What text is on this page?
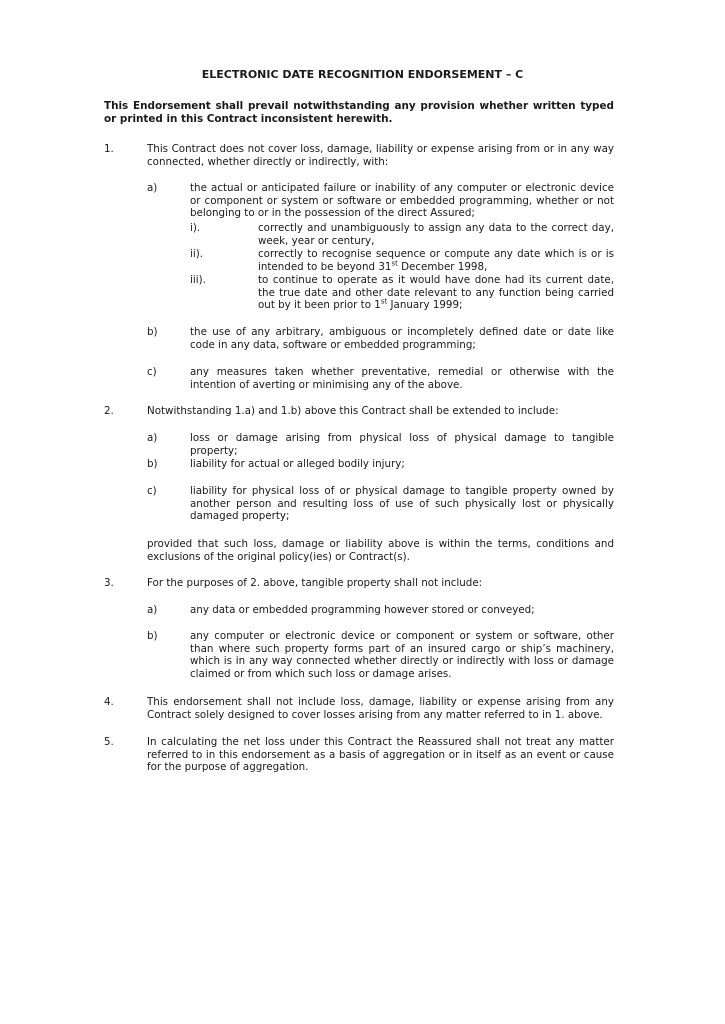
ELECTRONIC DATE RECOGNITION ENDORSEMENT – C
This Endorsement shall prevail notwithstanding any provision whether written typed or printed in this Contract inconsistent herewith.
1.	This Contract does not cover loss, damage, liability or expense arising from or in any way connected, whether directly or indirectly, with:
a)	the actual or anticipated failure or inability of any computer or electronic device or component or system or software or embedded programming, whether or not belonging to or in the possession of the direct Assured;
i).	correctly and unambiguously to assign any data to the correct day, week, year or century,
ii).	correctly to recognise sequence or compute any date which is or is intended to be beyond 31st December 1998,
iii).	to continue to operate as it would have done had its current date, the true date and other date relevant to any function being carried out by it been prior to 1st January 1999;
b)	the use of any arbitrary, ambiguous or incompletely defined date or date like code in any data, software or embedded programming;
c)	any measures taken whether preventative, remedial or otherwise with the intention of averting or minimising any of the above.
2.	Notwithstanding 1.a) and 1.b) above this Contract shall be extended to include:
a)	loss or damage arising from physical loss of physical damage to tangible property;
b)	liability for actual or alleged bodily injury;
c)	liability for physical loss of or physical damage to tangible property owned by another person and resulting loss of use of such physically lost or physically damaged property;
provided that such loss, damage or liability above is within the terms, conditions and exclusions of the original policy(ies) or Contract(s).
3.	For the purposes of 2. above, tangible property shall not include:
a)	any data or embedded programming however stored or conveyed;
b)	any computer or electronic device or component or system or software, other than where such property forms part of an insured cargo or ship’s machinery, which is in any way connected whether directly or indirectly with loss or damage claimed or from which such loss or damage arises.
4.	This endorsement shall not include loss, damage, liability or expense arising from any Contract solely designed to cover losses arising from any matter referred to in 1. above.
5.	In calculating the net loss under this Contract the Reassured shall not treat any matter referred to in this endorsement as a basis of aggregation or in itself as an event or cause for the purpose of aggregation.
